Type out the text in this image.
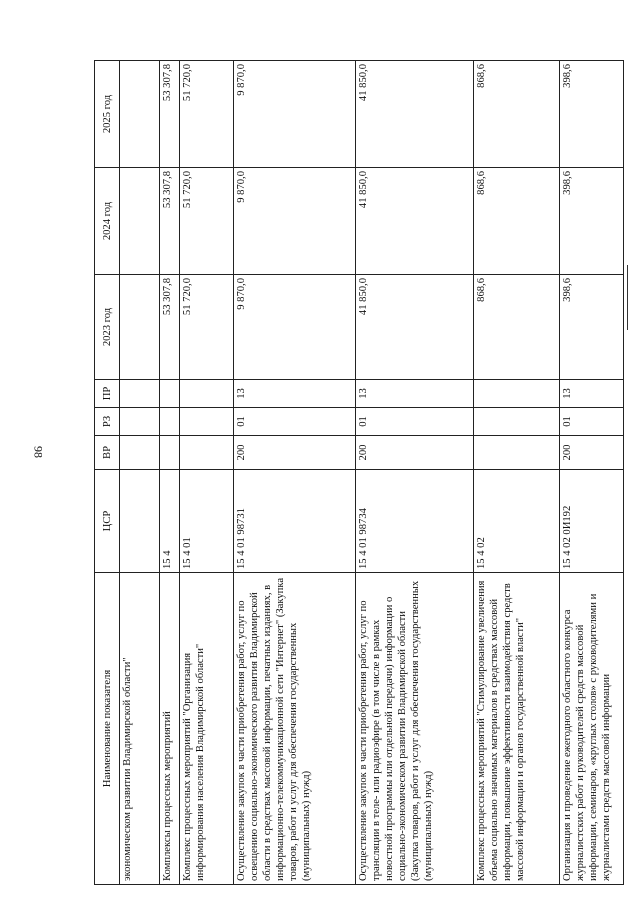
98
Наименование показателя	ЦСР	ВР	РЗ	ПР	2023 год	2024 год	2025 год
экономическом развитии Владимирской области"							
Комплексы процессных мероприятий	15 4				53 307,8	53 307,8	53 307,8
Комплекс процессных мероприятий "Организация информирования населения Владимирской области"	15 4 01				51 720,0	51 720,0	51 720,0
Осуществление закупок в части приобретения работ, услуг по освещению социально-экономического развития Владимирской области в средствах массовой информации, печатных изданиях, в информационно-телекоммуникационной сети "Интернет" (Закупка товаров, работ и услуг для обеспечения государственных (муниципальных) нужд)	15 4 01 98731	200	01	13	9 870,0	9 870,0	9 870,0
Осуществление закупок в части приобретения работ, услуг по трансляции в теле- или радиоэфире (в том числе в рамках новостной программы или отдельной передачи) информации о социально-экономическом развитии Владимирской области (Закупка товаров, работ и услуг для обеспечения государственных (муниципальных) нужд)	15 4 01 98734	200	01	13	41 850,0	41 850,0	41 850,0
Комплекс процессных мероприятий "Стимулирование увеличения объема социально значимых материалов в средствах массовой информации, повышение эффективности взаимодействия средств массовой информации и органов государственной власти"	15 4 02				868,6	868,6	868,6
Организация и проведение ежегодного областного конкурса журналистских работ и руководителей средств массовой информации, семинаров, «круглых столов» с руководителями и журналистами средств массовой информации	15 4 02 0И192	200	01	13	398,6	398,6	398,6
